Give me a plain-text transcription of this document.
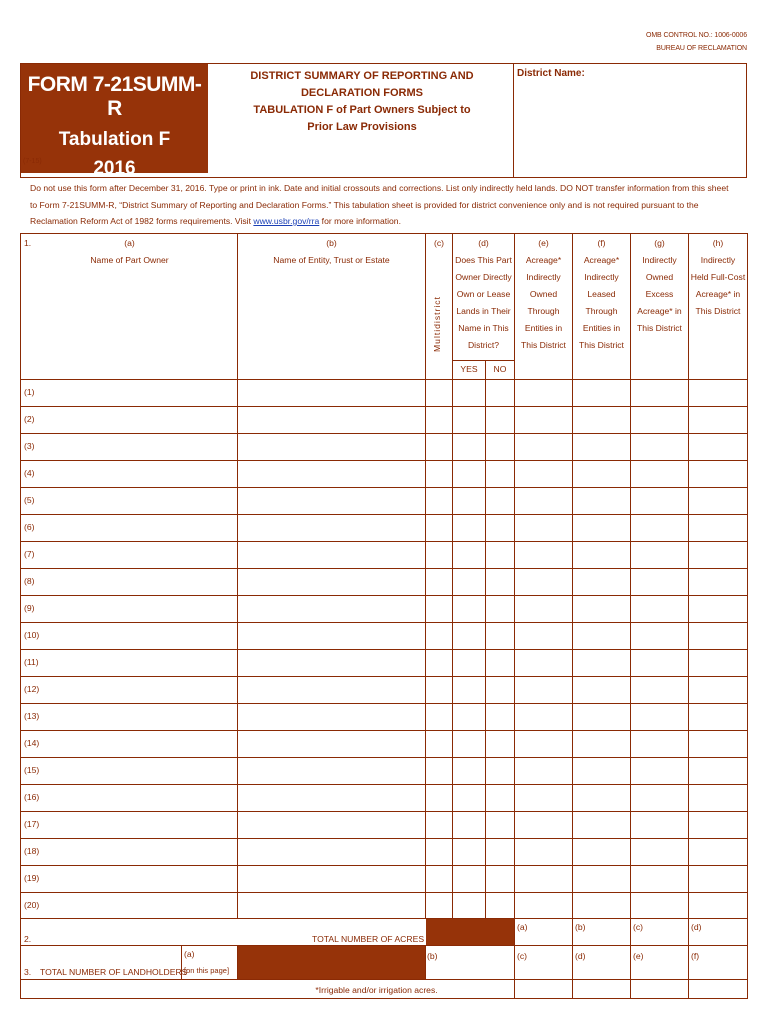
OMB CONTROL NO.: 1006-0006
BUREAU OF RECLAMATION
FORM 7-21SUMM-R
Tabulation F
2016
(7-15)
DISTRICT SUMMARY OF REPORTING AND
DECLARATION FORMS
TABULATION F of Part Owners Subject to
Prior Law Provisions
District Name:
Do not use this form after December 31, 2016. Type or print in ink. Date and initial crossouts and corrections. List only indirectly held lands. DO NOT transfer information from this sheet
to Form 7-21SUMM-R, “District Summary of Reporting and Declaration Forms.” This tabulation sheet is provided for district convenience only and is not required pursuant to the
Reclamation Reform Act of 1982 forms requirements. Visit www.usbr.gov/rra for more information.
1.	(a)
Name of Part Owner
(b)
Name of Entity, Trust or Estate
(c)
Multidistrict
(d)
Does This Part
Owner Directly
Own or Lease
Lands in Their
Name in This
District?
YES	NO
(e)
Acreage*
Indirectly
Owned
Through
Entities in
This District
(f)
Acreage*
Indirectly
Leased
Through
Entities in
This District
(g)
Indirectly
Owned Excess
Acreage* in
This District
(h)
Indirectly
Held Full-Cost
Acreage* in
This District
(1)
(2)
(3)
(4)
(5)
(6)
(7)
(8)
(9)
(10)
(11)
(12)
(13)
(14)
(15)
(16)
(17)
(18)
(19)
(20)
2.	TOTAL NUMBER OF ACRES
(a)	(b)	(c)	(d)
3. TOTAL NUMBER OF LANDHOLDERS
(a)
[on this page]
(b)	(c)	(d)	(e)	(f)
*Irrigable and/or irrigation acres.
